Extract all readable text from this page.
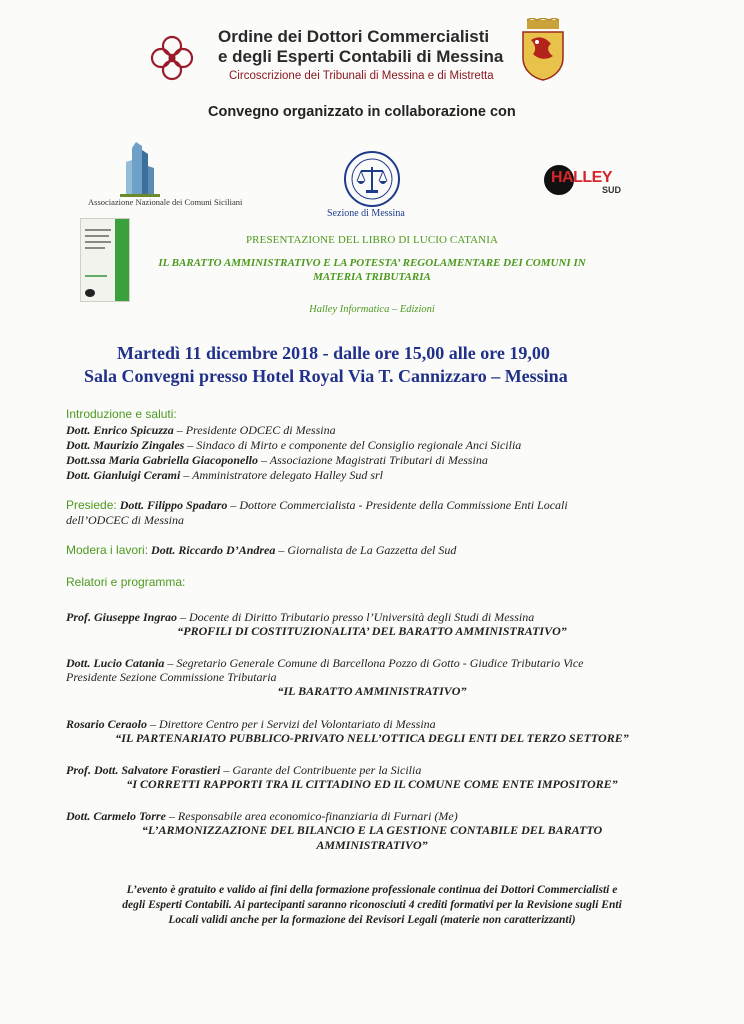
Ordine dei Dottori Commercialisti
e degli Esperti Contabili di Messina
Circoscrizione dei Tribunali di Messina e di Mistretta
Convegno organizzato in collaborazione con
Associazione Nazionale dei Comuni Siciliani
Sezione di Messina
HALLEY
SUD
PRESENTAZIONE DEL LIBRO DI LUCIO CATANIA
IL BARATTO AMMINISTRATIVO E LA POTESTA’ REGOLAMENTARE DEI COMUNI IN
MATERIA TRIBUTARIA
Halley Informatica – Edizioni
Martedì 11 dicembre 2018 - dalle ore 15,00 alle ore 19,00
Sala Convegni presso Hotel Royal Via T. Cannizzaro – Messina
Introduzione e saluti:
Dott. Enrico Spicuzza – Presidente ODCEC di Messina
Dott. Maurizio Zingales – Sindaco di Mirto e componente del Consiglio regionale Anci Sicilia
Dott.ssa Maria Gabriella Giacoponello – Associazione Magistrati Tributari di Messina
Dott. Gianluigi Cerami – Amministratore delegato Halley Sud srl
Presiede: Dott. Filippo Spadaro – Dottore Commercialista - Presidente della Commissione Enti Locali
dell’ODCEC di Messina
Modera i lavori: Dott. Riccardo D’Andrea – Giornalista de La Gazzetta del Sud
Relatori e programma:
Prof. Giuseppe Ingrao – Docente di Diritto Tributario presso l’Università degli Studi di Messina
“PROFILI DI COSTITUZIONALITA’ DEL BARATTO AMMINISTRATIVO”
Dott. Lucio Catania – Segretario Generale Comune di Barcellona Pozzo di Gotto - Giudice Tributario Vice
Presidente Sezione Commissione Tributaria
“IL BARATTO AMMINISTRATIVO”
Rosario Ceraolo – Direttore Centro per i Servizi del Volontariato di Messina
“IL PARTENARIATO PUBBLICO-PRIVATO NELL’OTTICA DEGLI ENTI DEL TERZO SETTORE”
Prof. Dott. Salvatore Forastieri – Garante del Contribuente per la Sicilia
“I CORRETTI RAPPORTI TRA IL CITTADINO ED IL COMUNE COME ENTE IMPOSITORE”
Dott. Carmelo Torre – Responsabile area economico-finanziaria di Furnari (Me)
“L’ARMONIZZAZIONE DEL BILANCIO E LA GESTIONE CONTABILE DEL BARATTO
AMMINISTRATIVO”
L’evento è gratuito e valido ai fini della formazione professionale continua dei Dottori Commercialisti e
degli Esperti Contabili. Ai partecipanti saranno riconosciuti 4 crediti formativi per la Revisione sugli Enti
Locali validi anche per la formazione dei Revisori Legali (materie non caratterizzanti)
